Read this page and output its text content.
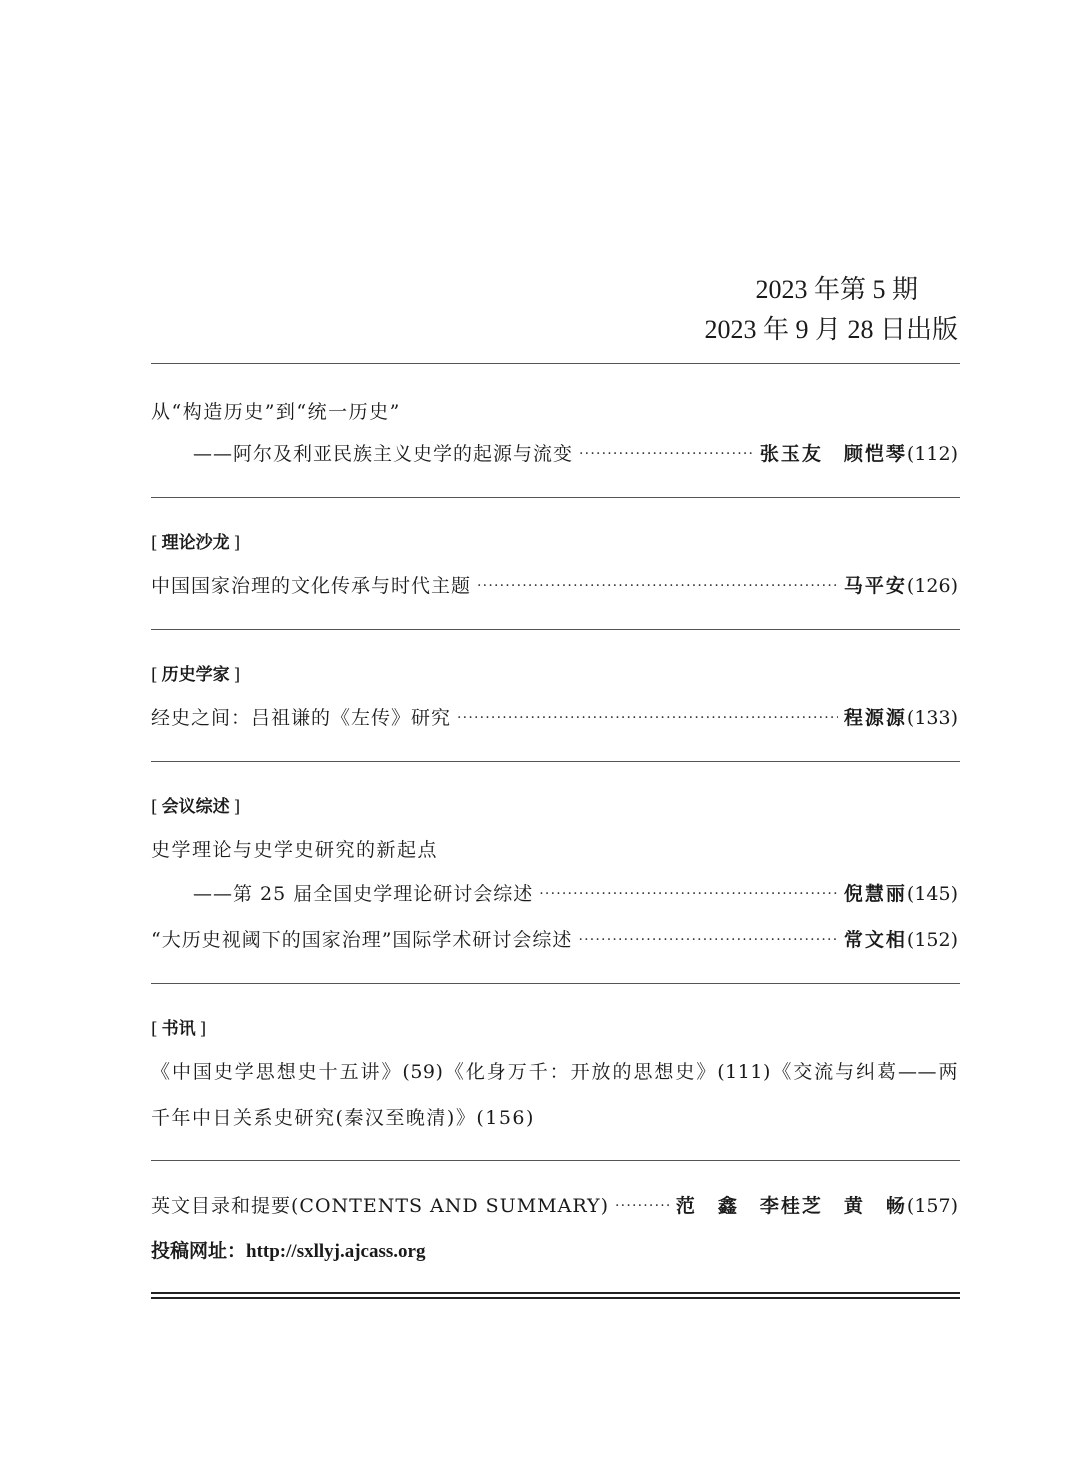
2023 年第 5 期
2023 年 9 月 28 日出版
从“构造历史”到“统一历史”
——阿尔及利亚民族主义史学的起源与流变 ·····	张玉友　顾恺琴 (112)
[ 理论沙龙 ]
中国国家治理的文化传承与时代主题 ·····	马平安 (126)
[ 历史学家 ]
经史之间：吕祖谦的《左传》研究 ·····	程源源 (133)
[ 会议综述 ]
史学理论与史学史研究的新起点
——第 25 届全国史学理论研讨会综述 ·····	倪慧丽 (145)
“大历史视阈下的国家治理”国际学术研讨会综述 ·····	常文相 (152)
[ 书讯 ]
《中国史学思想史十五讲》(59)《化身万千：开放的思想史》(111)《交流与纠葛——两
千年中日关系史研究(秦汉至晚清)》(156)
英文目录和提要(CONTENTS AND SUMMARY) ·····	范　鑫　李桂芝　黄　畅 (157)
投稿网址：http://sxllyj.ajcass.org
